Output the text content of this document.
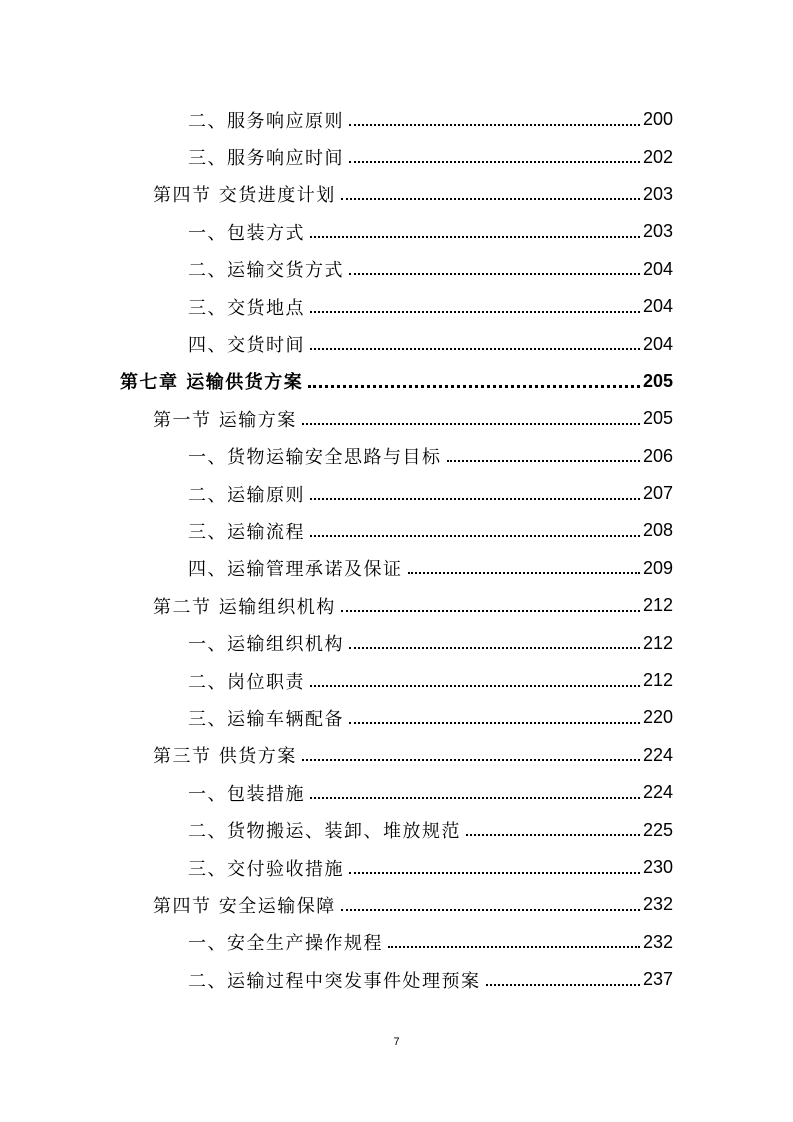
二、服务响应原则	200
三、服务响应时间	202
第四节 交货进度计划	203
一、包装方式	203
二、运输交货方式	204
三、交货地点	204
四、交货时间	204
第七章 运输供货方案	205
第一节 运输方案	205
一、货物运输安全思路与目标	206
二、运输原则	207
三、运输流程	208
四、运输管理承诺及保证	209
第二节 运输组织机构	212
一、运输组织机构	212
二、岗位职责	212
三、运输车辆配备	220
第三节 供货方案	224
一、包装措施	224
二、货物搬运、装卸、堆放规范	225
三、交付验收措施	230
第四节 安全运输保障	232
一、安全生产操作规程	232
二、运输过程中突发事件处理预案	237
7
